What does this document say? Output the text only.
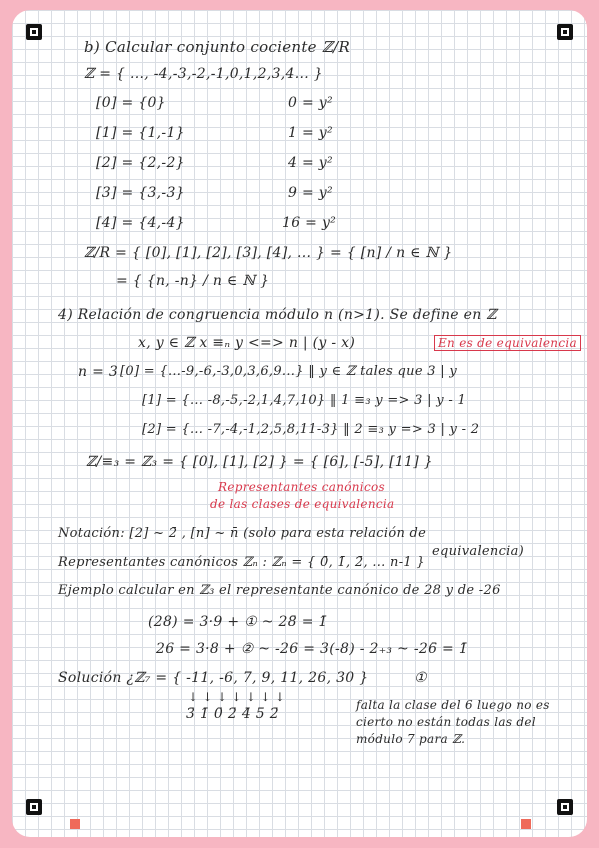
b) Calcular conjunto cociente ℤ/R
ℤ = { ..., -4,-3,-2,-1,0,1,2,3,4... }
[0] = {0}	0 = y²
[1] = {1,-1}	1 = y²
[2] = {2,-2}	4 = y²
[3] = {3,-3}	9 = y²
[4] = {4,-4}	16 = y²
ℤ/R = { [0], [1], [2], [3], [4], ... } = { [n] / n ∈ ℕ }
= { {n, -n} / n ∈ ℕ }
4) Relación de congruencia módulo n (n>1). Se define en ℤ
x, y ∈ ℤ x ≡ₙ y <=> n | (y - x)	En es de equivalencia
n = 3 [0] = {...-9,-6,-3,0,3,6,9...} ‖ y ∈ ℤ tales que 3 | y
[1] = {... -8,-5,-2,1,4,7,10} ‖ 1 ≡₃ y => 3 | y - 1
[2] = {... -7,-4,-1,2,5,8,11-3} ‖ 2 ≡₃ y => 3 | y - 2
ℤ/≡₃ = ℤ₃ = { [0], [1], [2] } = { [6], [-5], [11] }
Representantes canónicos
de las clases de equivalencia
Notación: [2] ~ 2̄ , [n] ~ n̄ (solo para esta relación de
equivalencia)
Representantes canónicos ℤₙ : ℤₙ = { 0̄, 1̄, 2̄, ... n-1 }
Ejemplo calcular en ℤ₃ el representante canónico de 28 y de -26
(28) = 3·9 + ① ~ 28̄ = 1̄
26 = 3·8 + ② ~ -26 = 3(-8) - 2₊₃ ~ -26̄ = 1̄
Solución ¿ℤ₇ = { -11, -6, 7, 9, 11, 26, 30 }	①
↓ ↓ ↓ ↓ ↓ ↓ ↓
3̄ 1̄ 0̄ 2̄ 4̄ 5̄ 2̄
falta la clase del 6 luego no es
cierto no están todas las del
módulo 7 para ℤ.
